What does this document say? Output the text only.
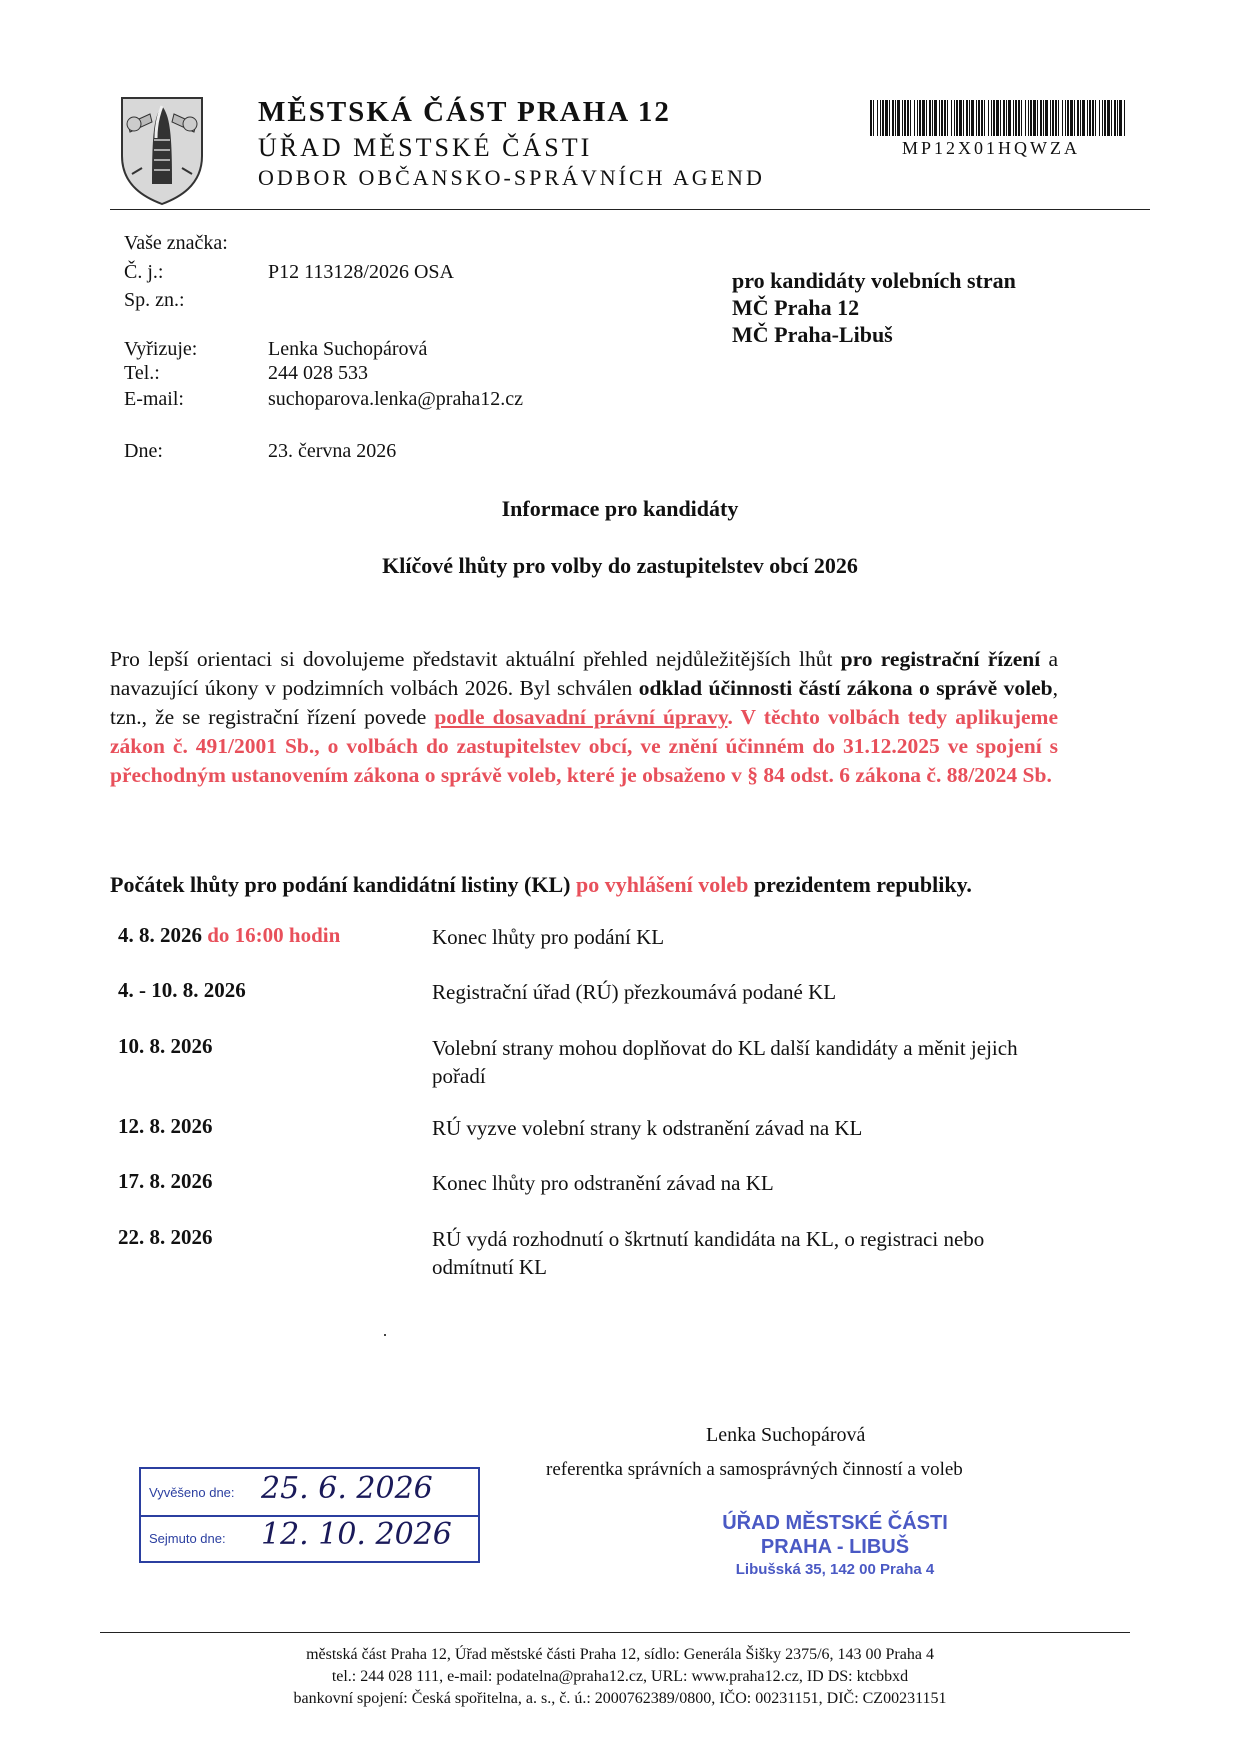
MĚSTSKÁ ČÁST PRAHA 12
ÚŘAD MĚSTSKÉ ČÁSTI
ODBOR OBČANSKO-SPRÁVNÍCH AGEND
MP12X01HQWZA
Vaše značka:
Č. j.:	P12 113128/2026 OSA
Sp. zn.:
Vyřizuje:	Lenka Suchopárová
Tel.:	244 028 533
E-mail:	suchoparova.lenka@praha12.cz
Dne:	23. června 2026
pro kandidáty volebních stran
MČ Praha 12
MČ Praha-Libuš
Informace pro kandidáty
Klíčové lhůty pro volby do zastupitelstev obcí 2026
Pro lepší orientaci si dovolujeme představit aktuální přehled nejdůležitějších lhůt pro registrační řízení a navazující úkony v podzimních volbách 2026. Byl schválen odklad účinnosti částí zákona o správě voleb, tzn., že se registrační řízení povede podle dosavadní právní úpravy. V těchto volbách tedy aplikujeme zákon č. 491/2001 Sb., o volbách do zastupitelstev obcí, ve znění účinném do 31.12.2025 ve spojení s přechodným ustanovením zákona o správě voleb, které je obsaženo v § 84 odst. 6 zákona č. 88/2024 Sb.
Počátek lhůty pro podání kandidátní listiny (KL) po vyhlášení voleb prezidentem republiky.
4. 8. 2026 do 16:00 hodin	Konec lhůty pro podání KL
4. - 10. 8. 2026	Registrační úřad (RÚ) přezkoumává podané KL
10. 8. 2026	Volební strany mohou doplňovat do KL další kandidáty a měnit jejich pořadí
12. 8. 2026	RÚ vyzve volební strany k odstranění závad na KL
17. 8. 2026	Konec lhůty pro odstranění závad na KL
22. 8. 2026	RÚ vydá rozhodnutí o škrtnutí kandidáta na KL, o registraci nebo odmítnutí KL
Lenka Suchopárová
referentka správních a samosprávných činností a voleb
Vyvěšeno dne: 25. 6. 2026
Sejmuto dne: 12. 10. 2026	ÚŘAD MĚSTSKÉ ČÁSTI
PRAHA - LIBUŠ
Libušská 35, 142 00 Praha 4
městská část Praha 12, Úřad městské části Praha 12, sídlo: Generála Šišky 2375/6, 143 00 Praha 4
tel.: 244 028 111, e-mail: podatelna@praha12.cz, URL: www.praha12.cz, ID DS: ktcbbxd
bankovní spojení: Česká spořitelna, a. s., č. ú.: 2000762389/0800, IČO: 00231151, DIČ: CZ00231151
